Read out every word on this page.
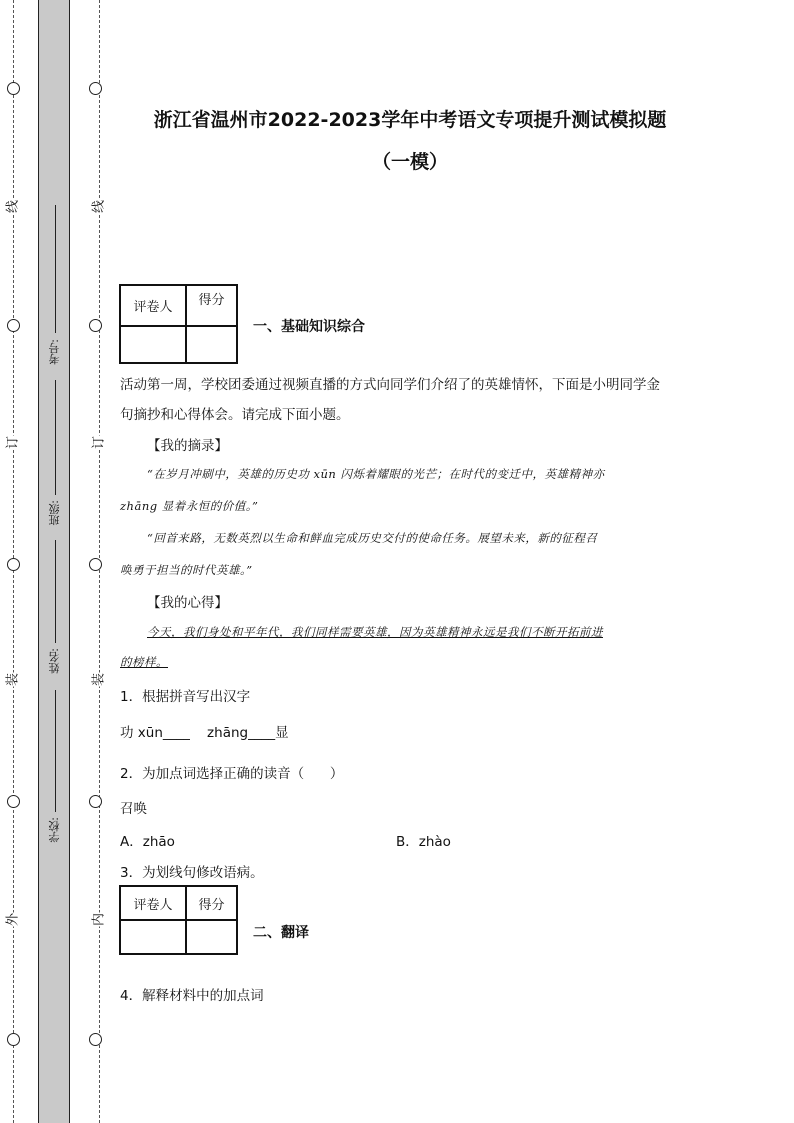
线
订
装
外
线
订
装
内
考号:
班级:
姓名:
学校:
浙江省温州市2022-2023学年中考语文专项提升测试模拟题
（一模）
评卷人	得分

一、基础知识综合
活动第一周，学校团委通过视频直播的方式向同学们介绍了的英雄情怀，下面是小明同学金
句摘抄和心得体会。请完成下面小题。
【我的摘录】
“在岁月冲刷中，英雄的历史功 xūn 闪烁着耀眼的光芒；在时代的变迁中，英雄精神亦
zhāng 显着永恒的价值。”
“回首来路，无数英烈以生命和鲜血完成历史交付的使命任务。展望未来，新的征程召
唤勇于担当的时代英雄。”
【我的心得】
今天，我们身处和平年代，我们同样需要英雄，因为英雄精神永远是我们不断开拓前进
的榜样。
1．根据拼音写出汉字
功 xūn____    zhāng____显
2．为加点词选择正确的读音（      ）
召唤
A．zhāo	B．zhào
3．为划线句修改语病。
评卷人	得分

二、翻译
4．解释材料中的加点词
